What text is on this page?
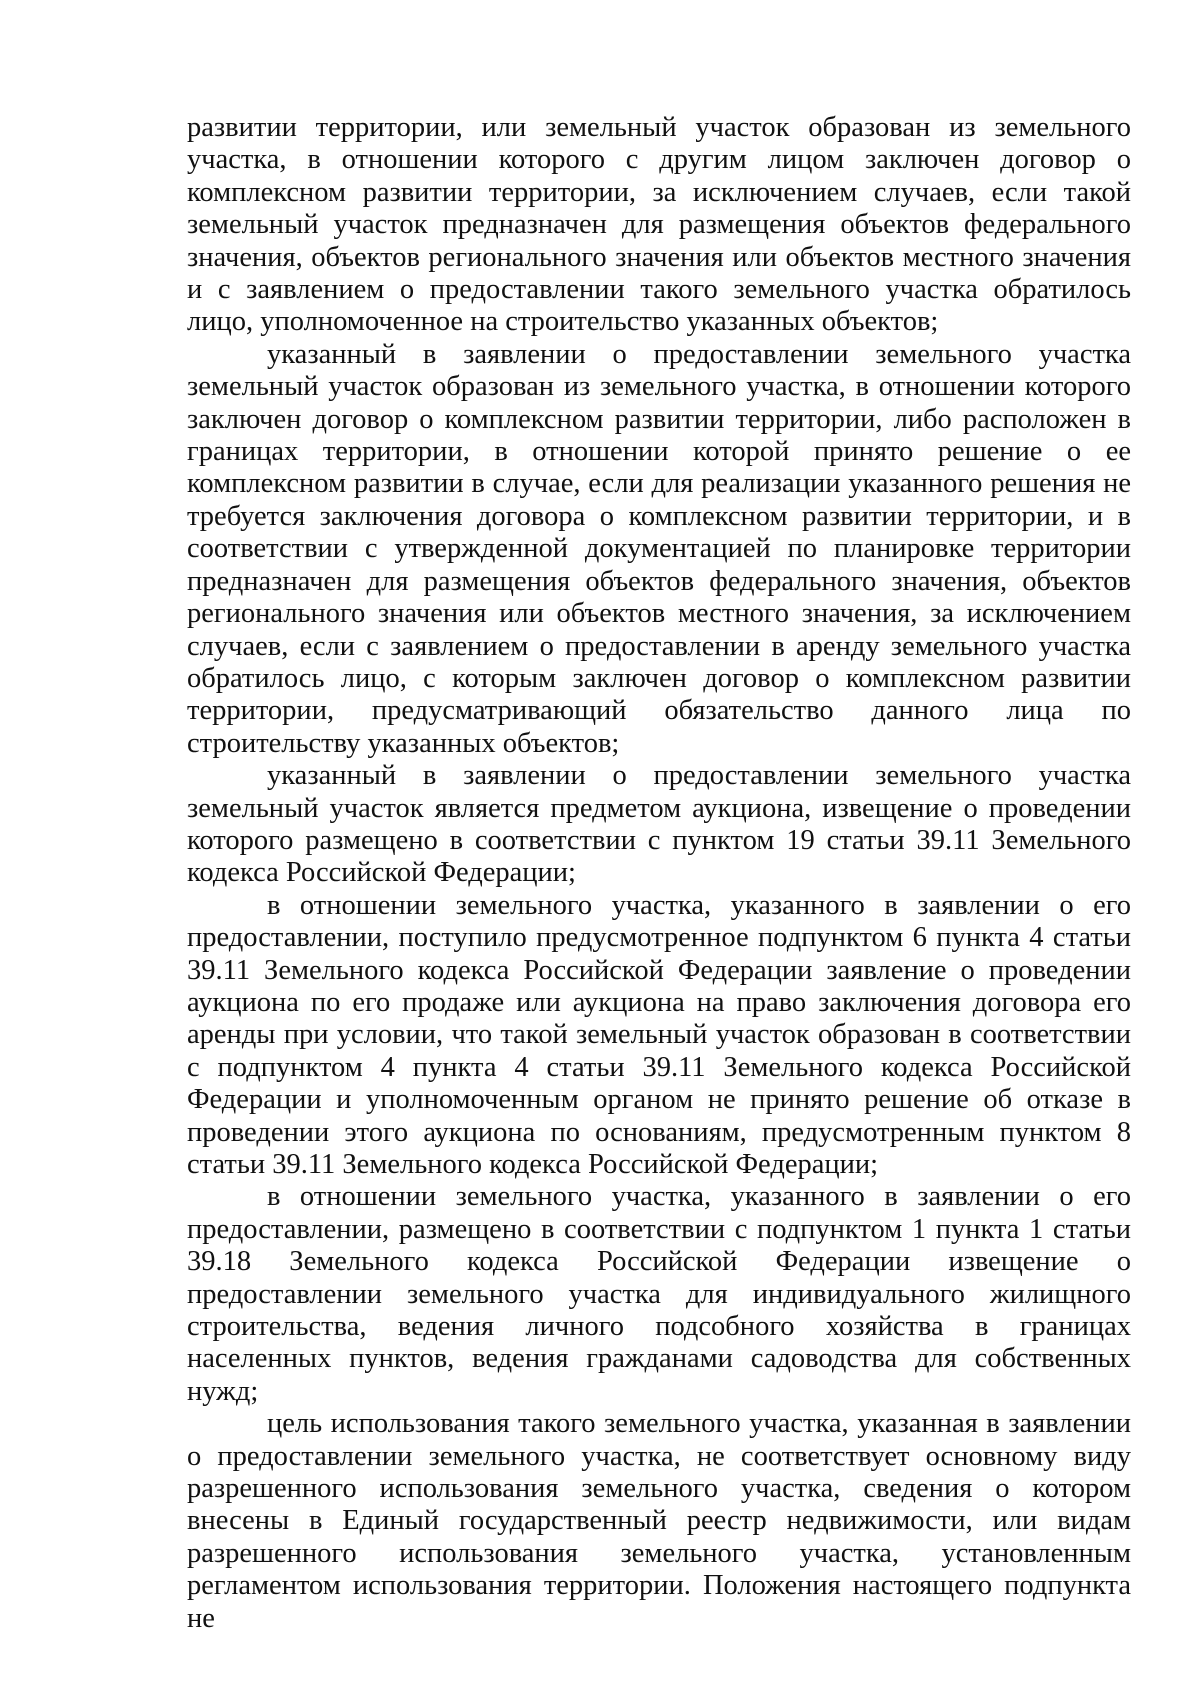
развитии территории, или земельный участок образован из земельного участка, в отношении которого с другим лицом заключен договор о комплексном развитии территории, за исключением случаев, если такой земельный участок предназначен для размещения объектов федерального значения, объектов регионального значения или объектов местного значения и с заявлением о предоставлении такого земельного участка обратилось лицо, уполномоченное на строительство указанных объектов;

указанный в заявлении о предоставлении земельного участка земельный участок образован из земельного участка, в отношении которого заключен договор о комплексном развитии территории, либо расположен в границах территории, в отношении которой принято решение о ее комплексном развитии в случае, если для реализации указанного решения не требуется заключения договора о комплексном развитии территории, и в соответствии с утвержденной документацией по планировке территории предназначен для размещения объектов федерального значения, объектов регионального значения или объектов местного значения, за исключением случаев, если с заявлением о предоставлении в аренду земельного участка обратилось лицо, с которым заключен договор о комплексном развитии территории, предусматривающий обязательство данного лица по строительству указанных объектов;

указанный в заявлении о предоставлении земельного участка земельный участок является предметом аукциона, извещение о проведении которого размещено в соответствии с пунктом 19 статьи 39.11 Земельного кодекса Российской Федерации;

в отношении земельного участка, указанного в заявлении о его предоставлении, поступило предусмотренное подпунктом 6 пункта 4 статьи 39.11 Земельного кодекса Российской Федерации заявление о проведении аукциона по его продаже или аукциона на право заключения договора его аренды при условии, что такой земельный участок образован в соответствии с подпунктом 4 пункта 4 статьи 39.11 Земельного кодекса Российской Федерации и уполномоченным органом не принято решение об отказе в проведении этого аукциона по основаниям, предусмотренным пунктом 8 статьи 39.11 Земельного кодекса Российской Федерации;

в отношении земельного участка, указанного в заявлении о его предоставлении, размещено в соответствии с подпунктом 1 пункта 1 статьи 39.18 Земельного кодекса Российской Федерации извещение о предоставлении земельного участка для индивидуального жилищного строительства, ведения личного подсобного хозяйства в границах населенных пунктов, ведения гражданами садоводства для собственных нужд;

цель использования такого земельного участка, указанная в заявлении о предоставлении земельного участка, не соответствует основному виду разрешенного использования земельного участка, сведения о котором внесены в Единый государственный реестр недвижимости, или видам разрешенного использования земельного участка, установленным регламентом использования территории. Положения настоящего подпункта не
